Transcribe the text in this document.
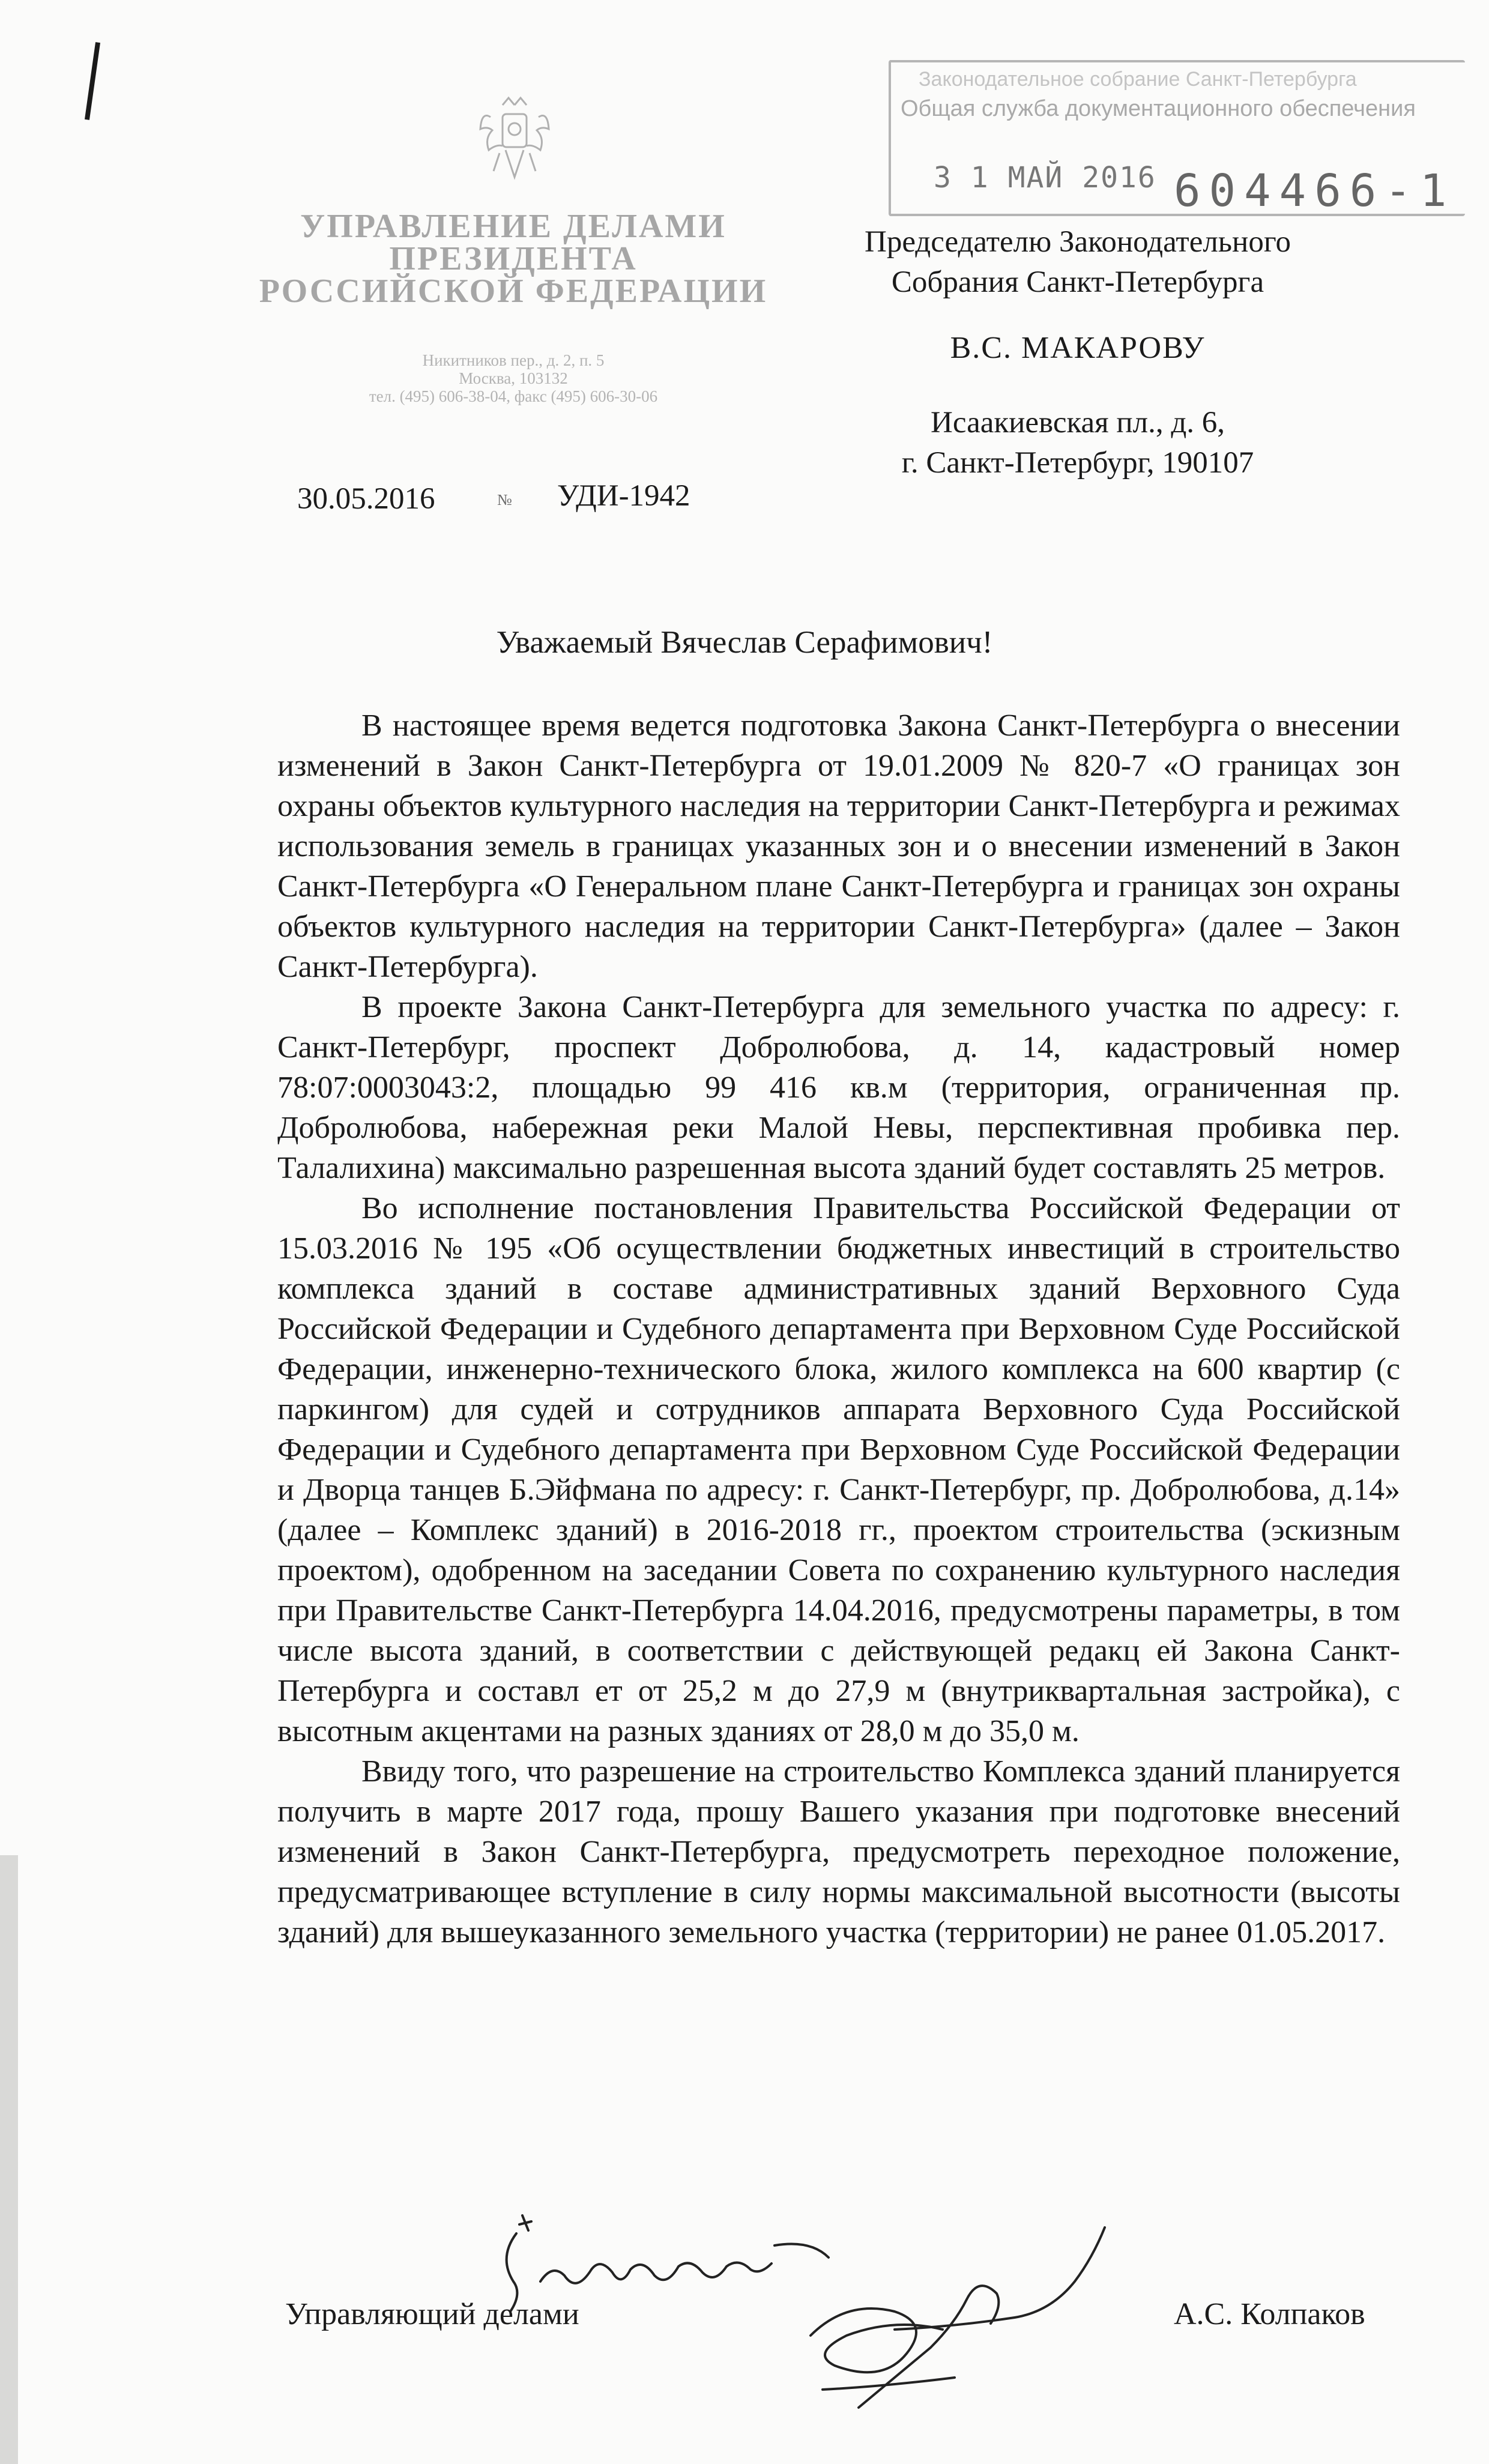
УПРАВЛЕНИЕ ДЕЛАМИ
ПРЕЗИДЕНТА
РОССИЙСКОЙ ФЕДЕРАЦИИ
Никитников пер., д. 2, п. 5
Москва, 103132
тел. (495) 606-38-04, факс (495) 606-30-06
30.05.2016	№ УДИ-1942
Законодательное собрание Санкт-Петербурга
Общая служба документационного обеспечения
3 1 МАЙ 2016 604466-1
Председателю Законодательного
Собрания Санкт-Петербурга
В.С. МАКАРОВУ
Исаакиевская пл., д. 6,
г. Санкт-Петербург, 190107
Уважаемый Вячеслав Серафимович!

В настоящее время ведется подготовка Закона Санкт-Петербурга о внесении изменений в Закон Санкт-Петербурга от 19.01.2009 № 820-7 «О границах зон охраны объектов культурного наследия на территории Санкт-Петербурга и режимах использования земель в границах указанных зон и о внесении изменений в Закон Санкт-Петербурга «О Генеральном плане Санкт-Петербурга и границах зон охраны объектов культурного наследия на территории Санкт-Петербурга» (далее – Закон Санкт-Петербурга).

В проекте Закона Санкт-Петербурга для земельного участка по адресу: г. Санкт-Петербург, проспект Добролюбова, д. 14, кадастровый номер 78:07:0003043:2, площадью 99 416 кв.м (территория, ограниченная пр. Добролюбова, набережная реки Малой Невы, перспективная пробивка пер. Талалихина) максимально разрешенная высота зданий будет составлять 25 метров.

Во исполнение постановления Правительства Российской Федерации от 15.03.2016 № 195 «Об осуществлении бюджетных инвестиций в строительство комплекса зданий в составе административных зданий Верховного Суда Российской Федерации и Судебного департамента при Верховном Суде Российской Федерации, инженерно-технического блока, жилого комплекса на 600 квартир (с паркингом) для судей и сотрудников аппарата Верховного Суда Российской Федерации и Судебного департамента при Верховном Суде Российской Федерации и Дворца танцев Б.Эйфмана по адресу: г. Санкт-Петербург, пр. Добролюбова, д.14» (далее – Комплекс зданий) в 2016-2018 гг., проектом строительства (эскизным проектом), одобренном на заседании Совета по сохранению культурного наследия при Правительстве Санкт-Петербурга 14.04.2016, предусмотрены параметры, в том числе высота зданий, в соответствии с действующей редакц ей Закона Санкт-Петербурга и составл ет от 25,2 м до 27,9 м (внутриквартальная застройка), с высотным акцентами на разных зданиях от 28,0 м до 35,0 м.

Ввиду того, что разрешение на строительство Комплекса зданий планируется получить в марте 2017 года, прошу Вашего указания при подготовке внесений изменений в Закон Санкт-Петербурга, предусмотреть переходное положение, предусматривающее вступление в силу нормы максимальной высотности (высоты зданий) для вышеуказанного земельного участка (территории) не ранее 01.05.2017.

Управляющий делами	А.С. Колпаков
